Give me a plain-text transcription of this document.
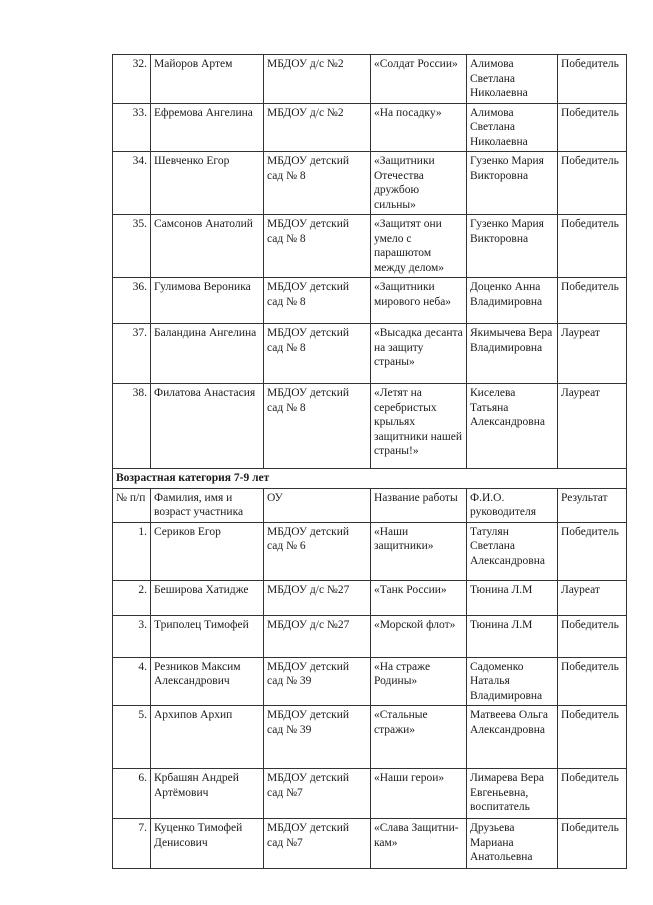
32.	Майоров Артем	МБДОУ д/с №2	«Солдат России»	Алимова Светлана Николаевна	Победитель
33.	Ефремова Ангелина	МБДОУ д/с №2	«На посадку»	Алимова Светлана Николаевна	Победитель
34.	Шевченко Егор	МБДОУ детский сад № 8	«Защитники Отечества дружбою сильны»	Гузенко Мария Викторовна	Победитель
35.	Самсонов Анатолий	МБДОУ детский сад № 8	«Защитят они умело с парашютом между делом»	Гузенко Мария Викторовна	Победитель
36.	Гулимова Вероника	МБДОУ детский сад № 8	«Защитники мирового неба»	Доценко Анна Владимировна	Победитель
37.	Баландина Ангелина	МБДОУ детский сад № 8	«Высадка десанта на защиту страны»	Якимычева Вера Владимировна	Лауреат
38.	Филатова Анастасия	МБДОУ детский сад № 8	«Летят на серебристых крыльях защитники нашей страны!»	Киселева Татьяна Александровна	Лауреат
Возрастная категория 7-9 лет					
№ п/п	Фамилия, имя и возраст участника	ОУ	Название работы	Ф.И.О. руководителя	Результат
1.	Сериков Егор	МБДОУ детский сад № 6	«Наши защитники»	Татулян Светлана Александровна	Победитель
2.	Беширова Хатидже	МБДОУ д/с №27	«Танк России»	Тюнина Л.М	Лауреат
3.	Триполец Тимофей	МБДОУ д/с №27	«Морской флот»	Тюнина Л.М	Победитель
4.	Резников Максим Александрович	МБДОУ детский сад № 39	«На страже Родины»	Садоменко Наталья Владимировна	Победитель
5.	Архипов Архип	МБДОУ детский сад № 39	«Стальные стражи»	Матвеева Ольга Александровна	Победитель
6.	Крбашян Андрей Артёмович	МБДОУ детский сад №7	«Наши герои»	Лимарева Вера Евгеньевна, воспитатель	Победитель
7.	Куценко Тимофей Денисович	МБДОУ детский сад №7	«Слава Защитни-кам»	Друзьева Мариана Анатольевна	Победитель
